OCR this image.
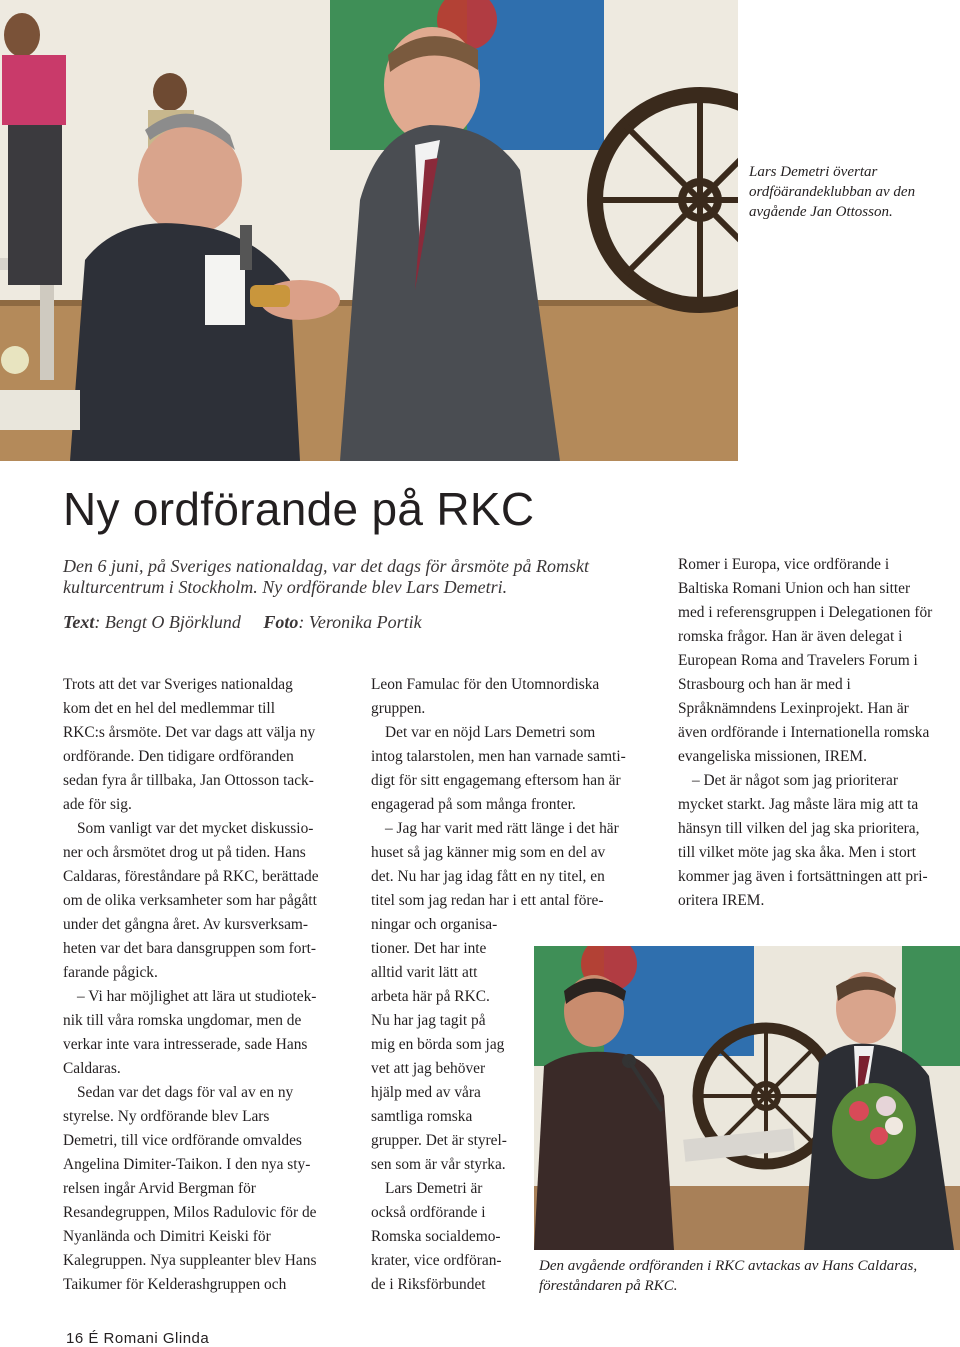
Lars Demetri övertar ordföärandeklubban av den avgående Jan Ottosson.
Ny ordförande på RKC
Den 6 juni, på Sveriges nationaldag, var det dags för årsmöte på Romskt kulturcentrum i Stockholm. Ny ordförande blev Lars Demetri.
Text: Bengt O Björklund Foto: Veronika Portik

Trots att det var Sveriges nationaldag

kom det en hel del medlemmar till

RKC:s årsmöte. Det var dags att välja ny

ordförande. Den tidigare ordföranden

sedan fyra år tillbaka, Jan Ottosson tack-

ade för sig.

Som vanligt var det mycket diskussio-

ner och årsmötet drog ut på tiden. Hans

Caldaras, föreståndare på RKC, berättade

om de olika verksamheter som har pågått

under det gångna året. Av kursverksam-

heten var det bara dansgruppen som fort-

farande pågick.

– Vi har möjlighet att lära ut studiotek-

nik till våra romska ungdomar, men de

verkar inte vara intresserade, sade Hans

Caldaras.

Sedan var det dags för val av en ny

styrelse. Ny ordförande blev Lars

Demetri, till vice ordförande omvaldes

Angelina Dimiter-Taikon. I den nya sty-

relsen ingår Arvid Bergman för

Resandegruppen, Milos Radulovic för de

Nyanlända och Dimitri Keiski för

Kalegruppen. Nya suppleanter blev Hans

Taikumer för Kelderashgruppen och

Leon Famulac för den Utomnordiska

gruppen.

Det var en nöjd Lars Demetri som

intog talarstolen, men han varnade samti-

digt för sitt engagemang eftersom han är

engagerad på som många fronter.

– Jag har varit med rätt länge i det här

huset så jag känner mig som en del av

det. Nu har jag idag fått en ny titel, en

titel som jag redan har i ett antal före-

ningar och organisa-

tioner. Det har inte

alltid varit lätt att

arbeta här på RKC.

Nu har jag tagit på

mig en börda som jag

vet att jag behöver

hjälp med av våra

samtliga romska

grupper. Det är styrel-

sen som är vår styrka.

Lars Demetri är

också ordförande i

Romska socialdemo-

krater, vice ordföran-

de i Riksförbundet

Romer i Europa, vice ordförande i

Baltiska Romani Union och han sitter

med i referensgruppen i Delegationen för

romska frågor. Han är även delegat i

European Roma and Travelers Forum i

Strasbourg och han är med i

Språknämndens Lexinprojekt. Han är

även ordförande i Internationella romska

evangeliska missionen, IREM.

– Det är något som jag prioriterar

mycket starkt. Jag måste lära mig att ta

hänsyn till vilken del jag ska prioritera,

till vilket möte jag ska åka. Men i stort

kommer jag även i fortsättningen att pri-

oritera IREM.

Den avgående ordföranden i RKC avtackas av Hans Caldaras, föreståndaren på RKC.
16 É Romani Glinda
